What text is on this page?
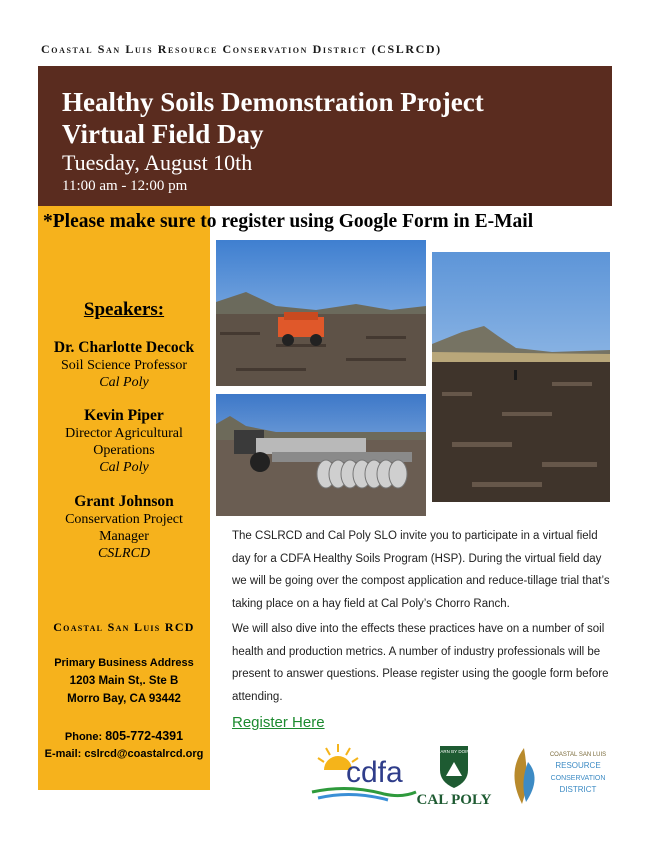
Coastal San Luis Resource Conservation District (CSLRCD)
Healthy Soils Demonstration Project
Virtual Field Day
Tuesday, August 10th
11:00 am - 12:00 pm
*Please make sure to register using Google Form in E-Mail
Speakers:
Dr. Charlotte Decock
Soil Science Professor
Cal Poly
Kevin Piper
Director Agricultural
Operations
Cal Poly
Grant Johnson
Conservation Project
Manager
CSLRCD
Coastal San Luis RCD
Primary Business Address
1203 Main St,. Ste B
Morro Bay, CA 93442
Phone: 805-772-4391
E-mail: cslrcd@coastalrcd.org
The CSLRCD and Cal Poly SLO invite you to participate in a virtual field day for a CDFA Healthy Soils Program (HSP). During the virtual field day we will be going over the compost application and reduce-tillage trial that’s taking place on a hay field at Cal Poly’s Chorro Ranch.
We will also dive into the effects these practices have on a number of soil health and production metrics. A number of industry professionals will be present to answer questions. Please register using the google form before attending.
Register Here
cdfa
LEARN BY DOING
CAL POLY
COASTAL SAN LUIS
RESOURCE
CONSERVATION
DISTRICT
